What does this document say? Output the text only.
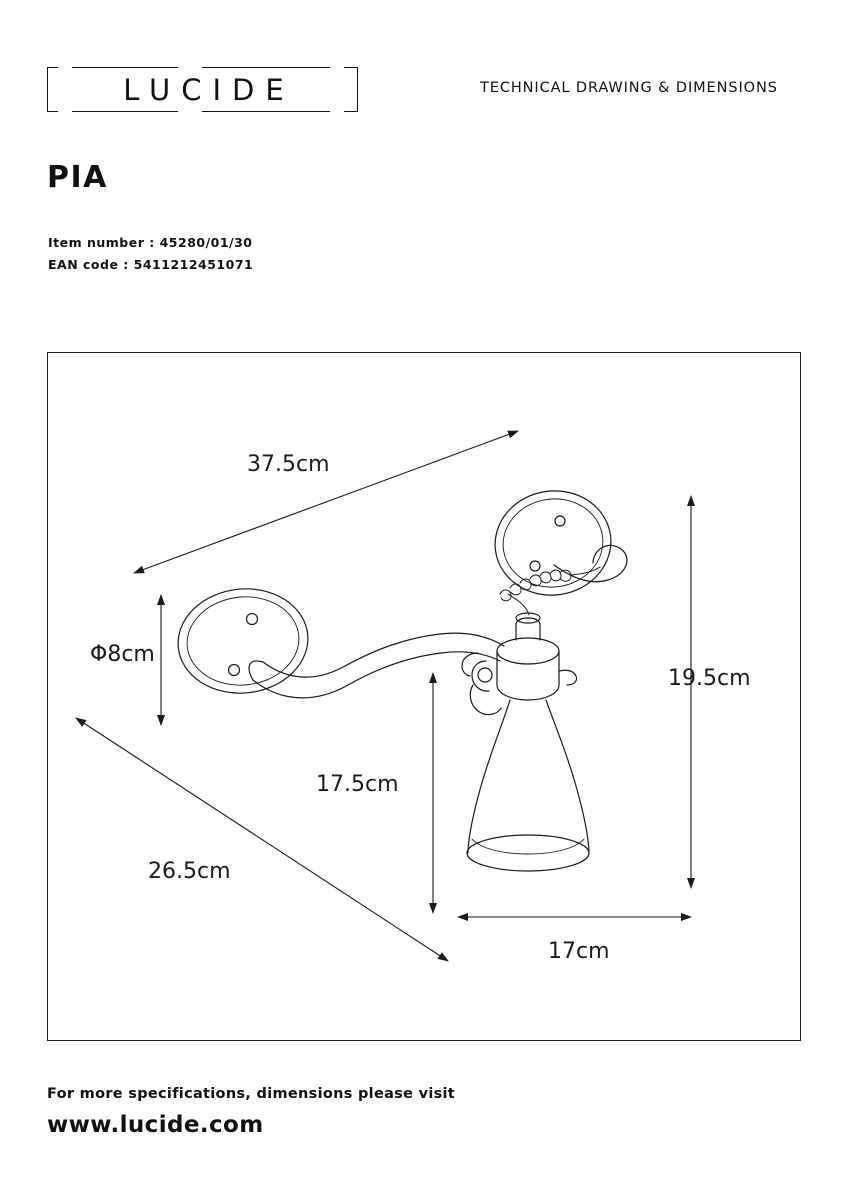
LUCIDE	TECHNICAL DRAWING & DIMENSIONS
PIA
Item number : 45280/01/30
EAN code : 5411212451071
37.5cm
Φ8cm
19.5cm
17.5cm
26.5cm
17cm
For more specifications, dimensions please visit
www.lucide.com
